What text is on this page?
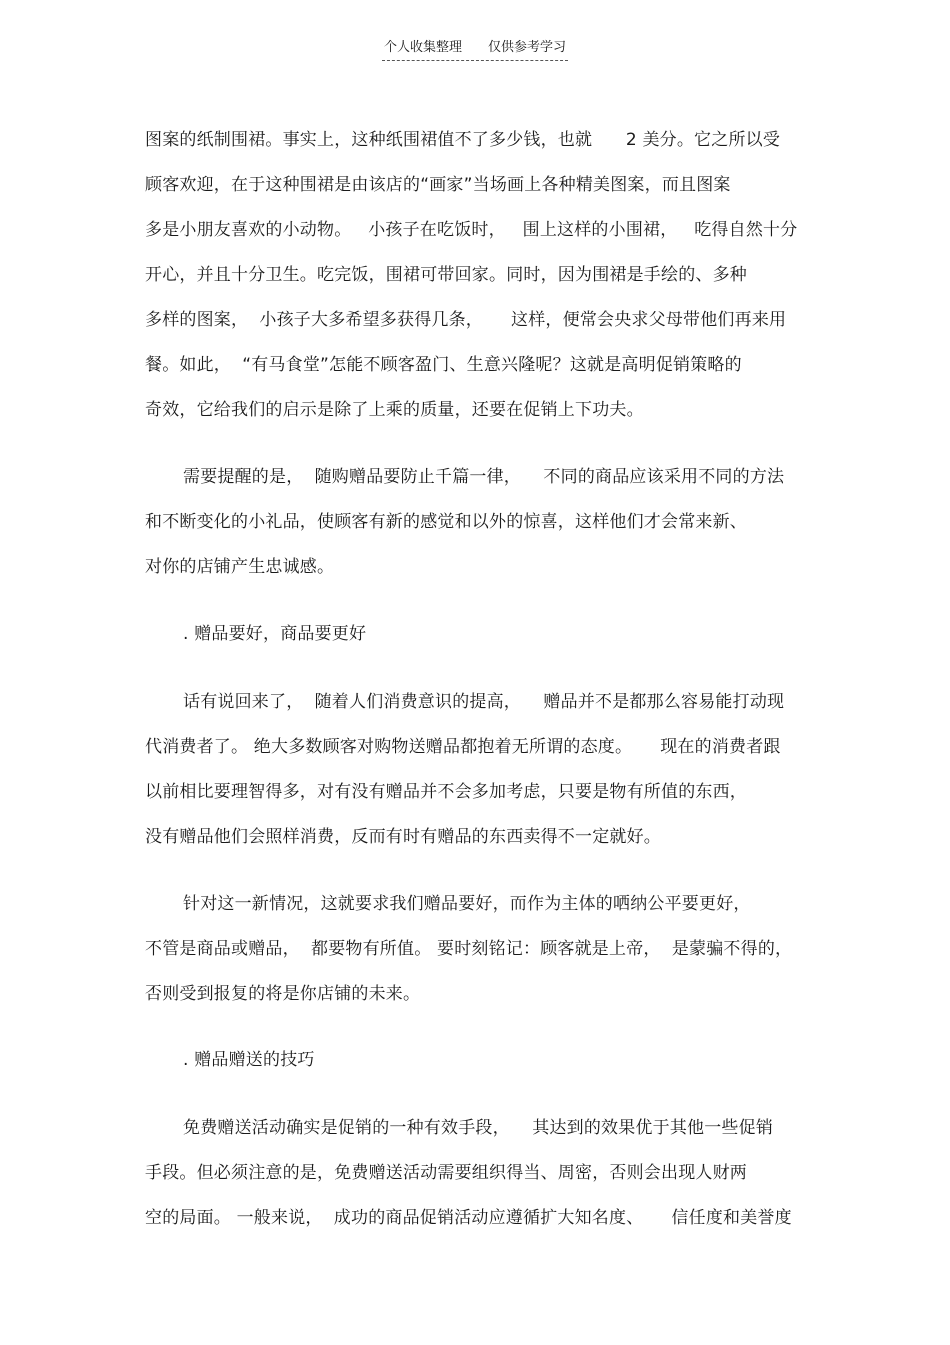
个人收集整理 仅供参考学习
图案的纸制围裙。事实上，这种纸围裙值不了多少钱，也就      2 美分。它之所以受
顾客欢迎，在于这种围裙是由该店的“画家”当场画上各种精美图案，而且图案
多是小朋友喜欢的小动物。   小孩子在吃饭时，   围上这样的小围裙，   吃得自然十分
开心，并且十分卫生。吃完饭，围裙可带回家。同时，因为围裙是手绘的、多种
多样的图案，  小孩子大多希望多获得几条，     这样，便常会央求父母带他们再来用
餐。如此，  “有马食堂”怎能不顾客盈门、生意兴隆呢？这就是高明促销策略的
奇效，它给我们的启示是除了上乘的质量，还要在促销上下功夫。
需要提醒的是，  随购赠品要防止千篇一律，    不同的商品应该采用不同的方法
和不断变化的小礼品，使顾客有新的感觉和以外的惊喜，这样他们才会常来新、
对你的店铺产生忠诚感。
. 赠品要好，商品要更好
话有说回来了，  随着人们消费意识的提高，    赠品并不是都那么容易能打动现
代消费者了。 绝大多数顾客对购物送赠品都抱着无所谓的态度。     现在的消费者跟
以前相比要理智得多，对有没有赠品并不会多加考虑，只要是物有所值的东西，
没有赠品他们会照样消费，反而有时有赠品的东西卖得不一定就好。
针对这一新情况，这就要求我们赠品要好，而作为主体的哂纳公平要更好，
不管是商品或赠品，  都要物有所值。 要时刻铭记：顾客就是上帝，  是蒙骗不得的，
否则受到报复的将是你店铺的未来。
. 赠品赠送的技巧
免费赠送活动确实是促销的一种有效手段，    其达到的效果优于其他一些促销
手段。但必须注意的是，免费赠送活动需要组织得当、周密，否则会出现人财两
空的局面。 一般来说，  成功的商品促销活动应遵循扩大知名度、     信任度和美誉度
